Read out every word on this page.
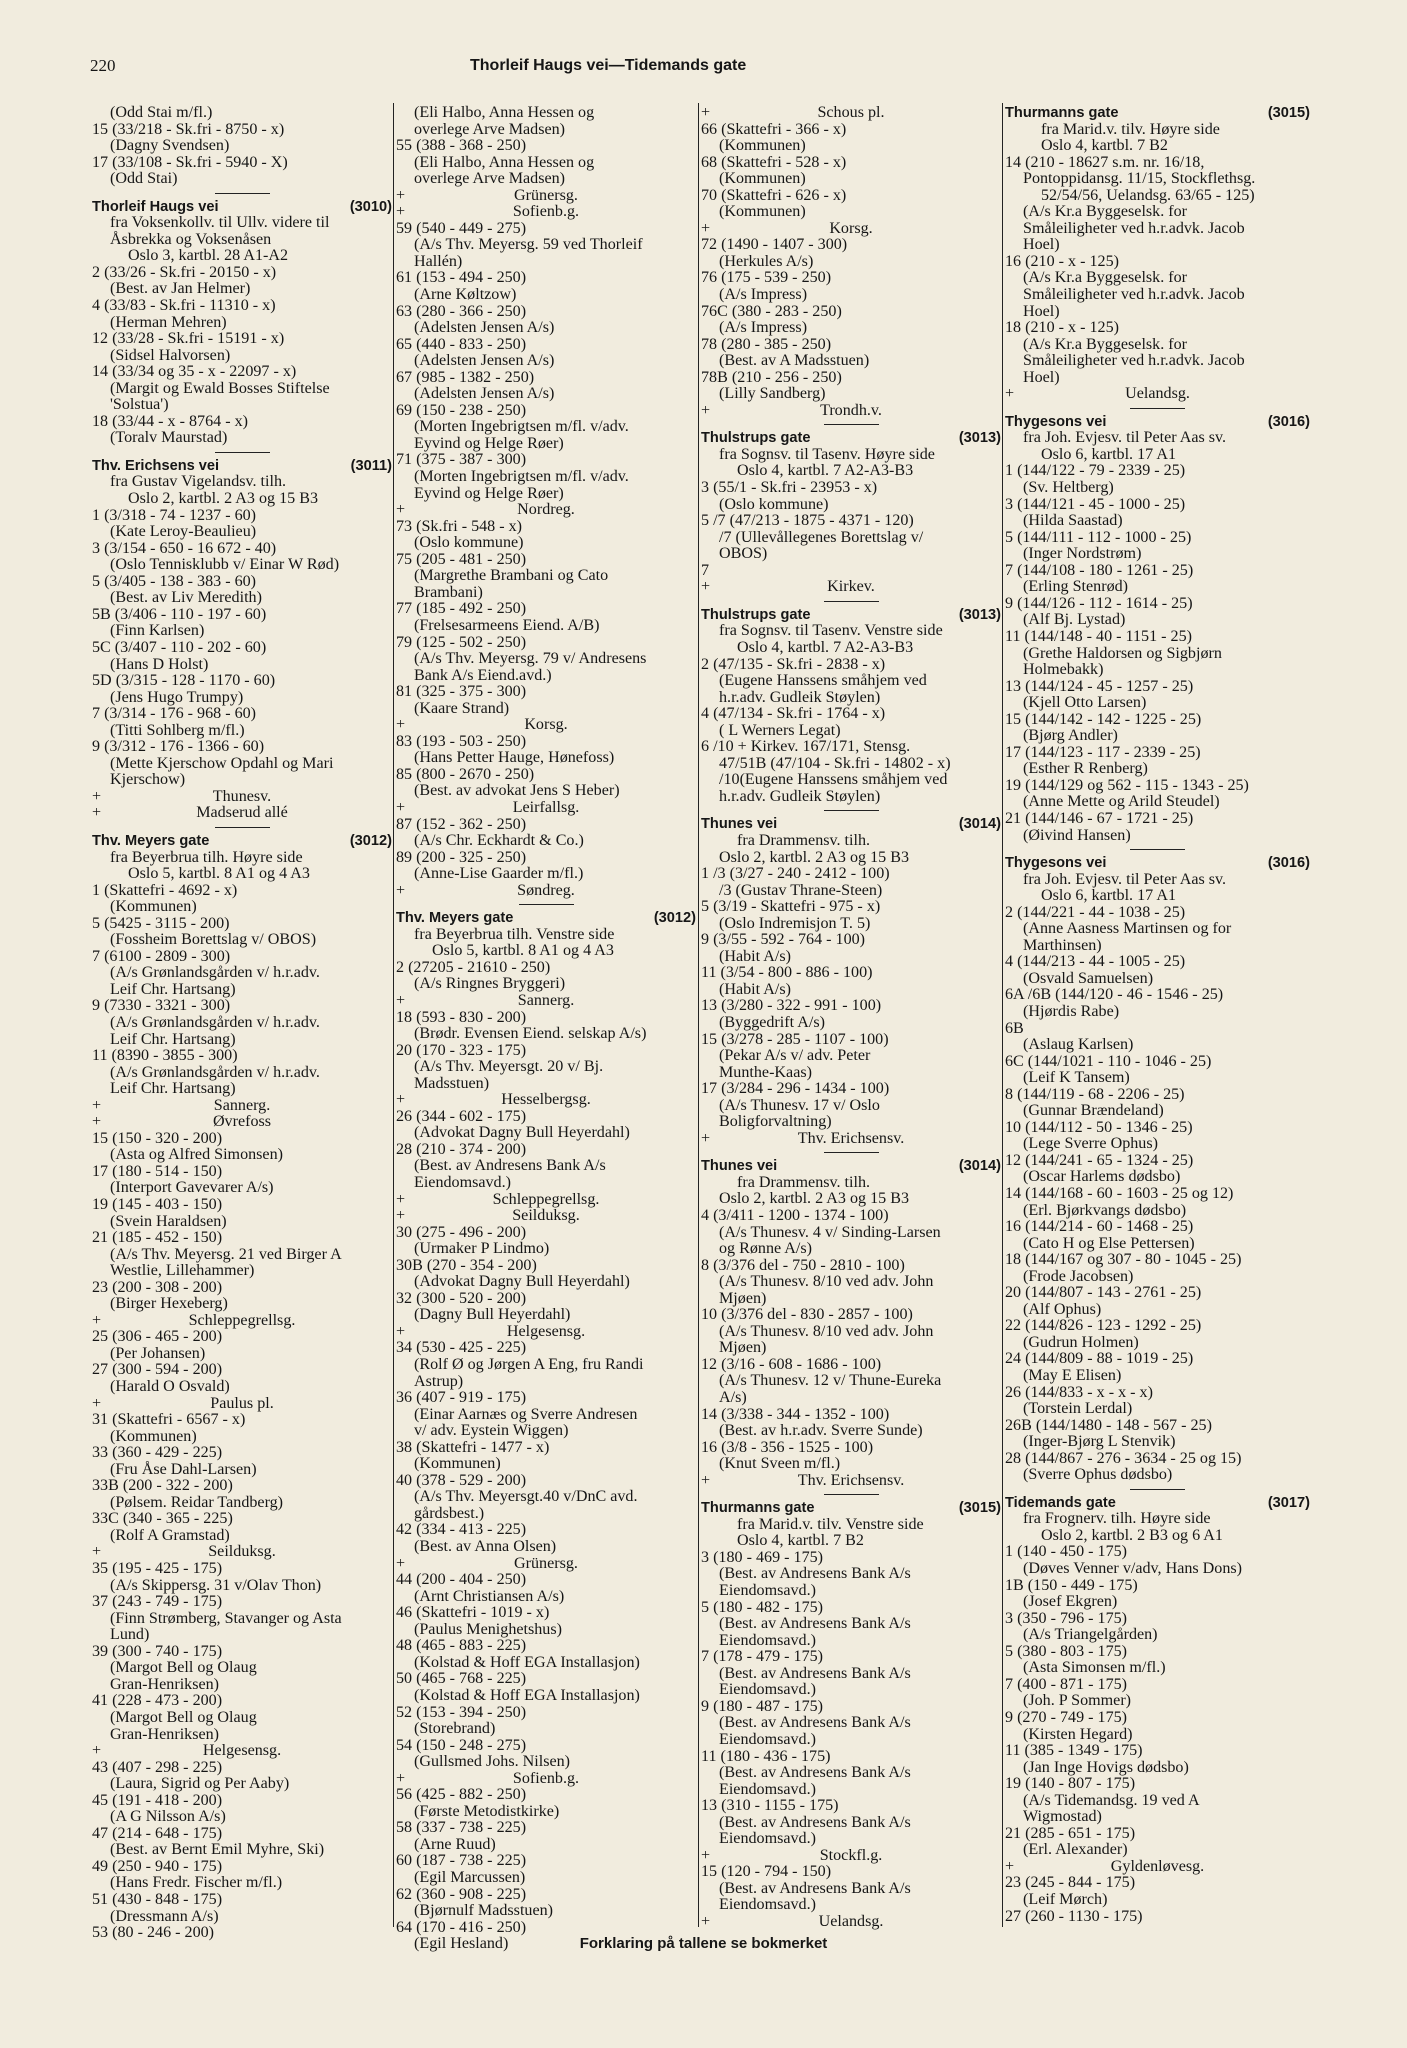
220	Thorleif Haugs vei—Tidemands gate
(Odd Stai m/fl.)
15 (33/218 - Sk.fri - 8750 - x)
(Dagny Svendsen)
17 (33/108 - Sk.fri - 5940 - X)
(Odd Stai)
Thorleif Haugs vei	(3010)
fra Voksenkollv. til Ullv. videre til
Åsbrekka og Voksenåsen
Oslo 3, kartbl. 28 A1-A2
2 (33/26 - Sk.fri - 20150 - x)
(Best. av Jan Helmer)
4 (33/83 - Sk.fri - 11310 - x)
(Herman Mehren)
12 (33/28 - Sk.fri - 15191 - x)
(Sidsel Halvorsen)
14 (33/34 og 35 - x - 22097 - x)
(Margit og Ewald Bosses Stiftelse
'Solstua')
18 (33/44 - x - 8764 - x)
(Toralv Maurstad)
Thv. Erichsens vei	(3011)
fra Gustav Vigelandsv. tilh.
Oslo 2, kartbl. 2 A3 og 15 B3
1 (3/318 - 74 - 1237 - 60)
(Kate Leroy-Beaulieu)
3 (3/154 - 650 - 16 672 - 40)
(Oslo Tennisklubb v/ Einar W Rød)
5 (3/405 - 138 - 383 - 60)
(Best. av Liv Meredith)
5B (3/406 - 110 - 197 - 60)
(Finn Karlsen)
5C (3/407 - 110 - 202 - 60)
(Hans D Holst)
5D (3/315 - 128 - 1170 - 60)
(Jens Hugo Trumpy)
7 (3/314 - 176 - 968 - 60)
(Titti Sohlberg m/fl.)
9 (3/312 - 176 - 1366 - 60)
(Mette Kjerschow Opdahl og Mari
Kjerschow)
+	Thunesv.
+	Madserud allé
Thv. Meyers gate	(3012)
fra Beyerbrua tilh. Høyre side
Oslo 5, kartbl. 8 A1 og 4 A3
1 (Skattefri - 4692 - x)
(Kommunen)
5 (5425 - 3115 - 200)
(Fossheim Borettslag v/ OBOS)
7 (6100 - 2809 - 300)
(A/s Grønlandsgården v/ h.r.adv.
Leif Chr. Hartsang)
9 (7330 - 3321 - 300)
(A/s Grønlandsgården v/ h.r.adv.
Leif Chr. Hartsang)
11 (8390 - 3855 - 300)
(A/s Grønlandsgården v/ h.r.adv.
Leif Chr. Hartsang)
+	Sannerg.
+	Øvrefoss
15 (150 - 320 - 200)
(Asta og Alfred Simonsen)
17 (180 - 514 - 150)
(Interport Gavevarer A/s)
19 (145 - 403 - 150)
(Svein Haraldsen)
21 (185 - 452 - 150)
(A/s Thv. Meyersg. 21 ved Birger A
Westlie, Lillehammer)
23 (200 - 308 - 200)
(Birger Hexeberg)
+	Schleppegrellsg.
25 (306 - 465 - 200)
(Per Johansen)
27 (300 - 594 - 200)
(Harald O Osvald)
+	Paulus pl.
31 (Skattefri - 6567 - x)
(Kommunen)
33 (360 - 429 - 225)
(Fru Åse Dahl-Larsen)
33B (200 - 322 - 200)
(Pølsem. Reidar Tandberg)
33C (340 - 365 - 225)
(Rolf A Gramstad)
+	Seilduksg.
35 (195 - 425 - 175)
(A/s Skippersg. 31 v/Olav Thon)
37 (243 - 749 - 175)
(Finn Strømberg, Stavanger og Asta
Lund)
39 (300 - 740 - 175)
(Margot Bell og Olaug
Gran-Henriksen)
41 (228 - 473 - 200)
(Margot Bell og Olaug
Gran-Henriksen)
+	Helgesensg.
43 (407 - 298 - 225)
(Laura, Sigrid og Per Aaby)
45 (191 - 418 - 200)
(A G Nilsson A/s)
47 (214 - 648 - 175)
(Best. av Bernt Emil Myhre, Ski)
49 (250 - 940 - 175)
(Hans Fredr. Fischer m/fl.)
51 (430 - 848 - 175)
(Dressmann A/s)
53 (80 - 246 - 200)
(Eli Halbo, Anna Hessen og
overlege Arve Madsen)
55 (388 - 368 - 250)
(Eli Halbo, Anna Hessen og
overlege Arve Madsen)
+	Grünersg.
+	Sofienb.g.
59 (540 - 449 - 275)
(A/s Thv. Meyersg. 59 ved Thorleif
Hallén)
61 (153 - 494 - 250)
(Arne Køltzow)
63 (280 - 366 - 250)
(Adelsten Jensen A/s)
65 (440 - 833 - 250)
(Adelsten Jensen A/s)
67 (985 - 1382 - 250)
(Adelsten Jensen A/s)
69 (150 - 238 - 250)
(Morten Ingebrigtsen m/fl. v/adv.
Eyvind og Helge Røer)
71 (375 - 387 - 300)
(Morten Ingebrigtsen m/fl. v/adv.
Eyvind og Helge Røer)
+	Nordreg.
73 (Sk.fri - 548 - x)
(Oslo kommune)
75 (205 - 481 - 250)
(Margrethe Brambani og Cato
Brambani)
77 (185 - 492 - 250)
(Frelsesarmeens Eiend. A/B)
79 (125 - 502 - 250)
(A/s Thv. Meyersg. 79 v/ Andresens
Bank A/s Eiend.avd.)
81 (325 - 375 - 300)
(Kaare Strand)
+	Korsg.
83 (193 - 503 - 250)
(Hans Petter Hauge, Hønefoss)
85 (800 - 2670 - 250)
(Best. av advokat Jens S Heber)
+	Leirfallsg.
87 (152 - 362 - 250)
(A/s Chr. Eckhardt & Co.)
89 (200 - 325 - 250)
(Anne-Lise Gaarder m/fl.)
+	Søndreg.
Thv. Meyers gate	(3012)
fra Beyerbrua tilh. Venstre side
Oslo 5, kartbl. 8 A1 og 4 A3
2 (27205 - 21610 - 250)
(A/s Ringnes Bryggeri)
+	Sannerg.
18 (593 - 830 - 200)
(Brødr. Evensen Eiend. selskap A/s)
20 (170 - 323 - 175)
(A/s Thv. Meyersgt. 20 v/ Bj.
Madsstuen)
+	Hesselbergsg.
26 (344 - 602 - 175)
(Advokat Dagny Bull Heyerdahl)
28 (210 - 374 - 200)
(Best. av Andresens Bank A/s
Eiendomsavd.)
+	Schleppegrellsg.
+	Seilduksg.
30 (275 - 496 - 200)
(Urmaker P Lindmo)
30B (270 - 354 - 200)
(Advokat Dagny Bull Heyerdahl)
32 (300 - 520 - 200)
(Dagny Bull Heyerdahl)
+	Helgesensg.
34 (530 - 425 - 225)
(Rolf Ø og Jørgen A Eng, fru Randi
Astrup)
36 (407 - 919 - 175)
(Einar Aarnæs og Sverre Andresen
v/ adv. Eystein Wiggen)
38 (Skattefri - 1477 - x)
(Kommunen)
40 (378 - 529 - 200)
(A/s Thv. Meyersgt.40 v/DnC avd.
gårdsbest.)
42 (334 - 413 - 225)
(Best. av Anna Olsen)
+	Grünersg.
44 (200 - 404 - 250)
(Arnt Christiansen A/s)
46 (Skattefri - 1019 - x)
(Paulus Menighetshus)
48 (465 - 883 - 225)
(Kolstad & Hoff EGA Installasjon)
50 (465 - 768 - 225)
(Kolstad & Hoff EGA Installasjon)
52 (153 - 394 - 250)
(Storebrand)
54 (150 - 248 - 275)
(Gullsmed Johs. Nilsen)
+	Sofienb.g.
56 (425 - 882 - 250)
(Første Metodistkirke)
58 (337 - 738 - 225)
(Arne Ruud)
60 (187 - 738 - 225)
(Egil Marcussen)
62 (360 - 908 - 225)
(Bjørnulf Madsstuen)
64 (170 - 416 - 250)
(Egil Hesland)
+	Schous pl.
66 (Skattefri - 366 - x)
(Kommunen)
68 (Skattefri - 528 - x)
(Kommunen)
70 (Skattefri - 626 - x)
(Kommunen)
+	Korsg.
72 (1490 - 1407 - 300)
(Herkules A/s)
76 (175 - 539 - 250)
(A/s Impress)
76C (380 - 283 - 250)
(A/s Impress)
78 (280 - 385 - 250)
(Best. av A Madsstuen)
78B (210 - 256 - 250)
(Lilly Sandberg)
+	Trondh.v.
Thulstrups gate	(3013)
fra Sognsv. til Tasenv. Høyre side
Oslo 4, kartbl. 7 A2-A3-B3
3 (55/1 - Sk.fri - 23953 - x)
(Oslo kommune)
5 /7 (47/213 - 1875 - 4371 - 120)
/7 (Ullevållegenes Borettslag v/
OBOS)
7
+	Kirkev.
Thulstrups gate	(3013)
fra Sognsv. til Tasenv. Venstre side
Oslo 4, kartbl. 7 A2-A3-B3
2 (47/135 - Sk.fri - 2838 - x)
(Eugene Hanssens småhjem ved
h.r.adv. Gudleik Støylen)
4 (47/134 - Sk.fri - 1764 - x)
( L Werners Legat)
6 /10 + Kirkev. 167/171, Stensg.
47/51B (47/104 - Sk.fri - 14802 - x)
/10(Eugene Hanssens småhjem ved
h.r.adv. Gudleik Støylen)
Thunes vei	(3014)
fra Drammensv. tilh.
Oslo 2, kartbl. 2 A3 og 15 B3
1 /3 (3/27 - 240 - 2412 - 100)
/3 (Gustav Thrane-Steen)
5 (3/19 - Skattefri - 975 - x)
(Oslo Indremisjon T. 5)
9 (3/55 - 592 - 764 - 100)
(Habit A/s)
11 (3/54 - 800 - 886 - 100)
(Habit A/s)
13 (3/280 - 322 - 991 - 100)
(Byggedrift A/s)
15 (3/278 - 285 - 1107 - 100)
(Pekar A/s v/ adv. Peter
Munthe-Kaas)
17 (3/284 - 296 - 1434 - 100)
(A/s Thunesv. 17 v/ Oslo
Boligforvaltning)
+	Thv. Erichsensv.
Thunes vei	(3014)
fra Drammensv. tilh.
Oslo 2, kartbl. 2 A3 og 15 B3
4 (3/411 - 1200 - 1374 - 100)
(A/s Thunesv. 4 v/ Sinding-Larsen
og Rønne A/s)
8 (3/376 del - 750 - 2810 - 100)
(A/s Thunesv. 8/10 ved adv. John
Mjøen)
10 (3/376 del - 830 - 2857 - 100)
(A/s Thunesv. 8/10 ved adv. John
Mjøen)
12 (3/16 - 608 - 1686 - 100)
(A/s Thunesv. 12 v/ Thune-Eureka
A/s)
14 (3/338 - 344 - 1352 - 100)
(Best. av h.r.adv. Sverre Sunde)
16 (3/8 - 356 - 1525 - 100)
(Knut Sveen m/fl.)
+	Thv. Erichsensv.
Thurmanns gate	(3015)
fra Marid.v. tilv. Venstre side
Oslo 4, kartbl. 7 B2
3 (180 - 469 - 175)
(Best. av Andresens Bank A/s
Eiendomsavd.)
5 (180 - 482 - 175)
(Best. av Andresens Bank A/s
Eiendomsavd.)
7 (178 - 479 - 175)
(Best. av Andresens Bank A/s
Eiendomsavd.)
9 (180 - 487 - 175)
(Best. av Andresens Bank A/s
Eiendomsavd.)
11 (180 - 436 - 175)
(Best. av Andresens Bank A/s
Eiendomsavd.)
13 (310 - 1155 - 175)
(Best. av Andresens Bank A/s
Eiendomsavd.)
+	Stockfl.g.
15 (120 - 794 - 150)
(Best. av Andresens Bank A/s
Eiendomsavd.)
+	Uelandsg.
Thurmanns gate	(3015)
fra Marid.v. tilv. Høyre side
Oslo 4, kartbl. 7 B2
14 (210 - 18627 s.m. nr. 16/18,
Pontoppidansg. 11/15, Stockflethsg.
52/54/56, Uelandsg. 63/65 - 125)
(A/s Kr.a Byggeselsk. for
Småleiligheter ved h.r.advk. Jacob
Hoel)
16 (210 - x - 125)
(A/s Kr.a Byggeselsk. for
Småleiligheter ved h.r.advk. Jacob
Hoel)
18 (210 - x - 125)
(A/s Kr.a Byggeselsk. for
Småleiligheter ved h.r.advk. Jacob
Hoel)
+	Uelandsg.
Thygesons vei	(3016)
fra Joh. Evjesv. til Peter Aas sv.
Oslo 6, kartbl. 17 A1
1 (144/122 - 79 - 2339 - 25)
(Sv. Heltberg)
3 (144/121 - 45 - 1000 - 25)
(Hilda Saastad)
5 (144/111 - 112 - 1000 - 25)
(Inger Nordstrøm)
7 (144/108 - 180 - 1261 - 25)
(Erling Stenrød)
9 (144/126 - 112 - 1614 - 25)
(Alf Bj. Lystad)
11 (144/148 - 40 - 1151 - 25)
(Grethe Haldorsen og Sigbjørn
Holmebakk)
13 (144/124 - 45 - 1257 - 25)
(Kjell Otto Larsen)
15 (144/142 - 142 - 1225 - 25)
(Bjørg Andler)
17 (144/123 - 117 - 2339 - 25)
(Esther R Renberg)
19 (144/129 og 562 - 115 - 1343 - 25)
(Anne Mette og Arild Steudel)
21 (144/146 - 67 - 1721 - 25)
(Øivind Hansen)
Thygesons vei	(3016)
fra Joh. Evjesv. til Peter Aas sv.
Oslo 6, kartbl. 17 A1
2 (144/221 - 44 - 1038 - 25)
(Anne Aasness Martinsen og for
Marthinsen)
4 (144/213 - 44 - 1005 - 25)
(Osvald Samuelsen)
6A /6B (144/120 - 46 - 1546 - 25)
(Hjørdis Rabe)
6B
(Aslaug Karlsen)
6C (144/1021 - 110 - 1046 - 25)
(Leif K Tansem)
8 (144/119 - 68 - 2206 - 25)
(Gunnar Brændeland)
10 (144/112 - 50 - 1346 - 25)
(Lege Sverre Ophus)
12 (144/241 - 65 - 1324 - 25)
(Oscar Harlems dødsbo)
14 (144/168 - 60 - 1603 - 25 og 12)
(Erl. Bjørkvangs dødsbo)
16 (144/214 - 60 - 1468 - 25)
(Cato H og Else Pettersen)
18 (144/167 og 307 - 80 - 1045 - 25)
(Frode Jacobsen)
20 (144/807 - 143 - 2761 - 25)
(Alf Ophus)
22 (144/826 - 123 - 1292 - 25)
(Gudrun Holmen)
24 (144/809 - 88 - 1019 - 25)
(May E Elisen)
26 (144/833 - x - x - x)
(Torstein Lerdal)
26B (144/1480 - 148 - 567 - 25)
(Inger-Bjørg L Stenvik)
28 (144/867 - 276 - 3634 - 25 og 15)
(Sverre Ophus dødsbo)
Tidemands gate	(3017)
fra Frognerv. tilh. Høyre side
Oslo 2, kartbl. 2 B3 og 6 A1
1 (140 - 450 - 175)
(Døves Venner v/adv, Hans Dons)
1B (150 - 449 - 175)
(Josef Ekgren)
3 (350 - 796 - 175)
(A/s Triangelgården)
5 (380 - 803 - 175)
(Asta Simonsen m/fl.)
7 (400 - 871 - 175)
(Joh. P Sommer)
9 (270 - 749 - 175)
(Kirsten Hegard)
11 (385 - 1349 - 175)
(Jan Inge Hovigs dødsbo)
19 (140 - 807 - 175)
(A/s Tidemandsg. 19 ved A
Wigmostad)
21 (285 - 651 - 175)
(Erl. Alexander)
+	Gyldenløvesg.
23 (245 - 844 - 175)
(Leif Mørch)
27 (260 - 1130 - 175)
Forklaring på tallene se bokmerket
